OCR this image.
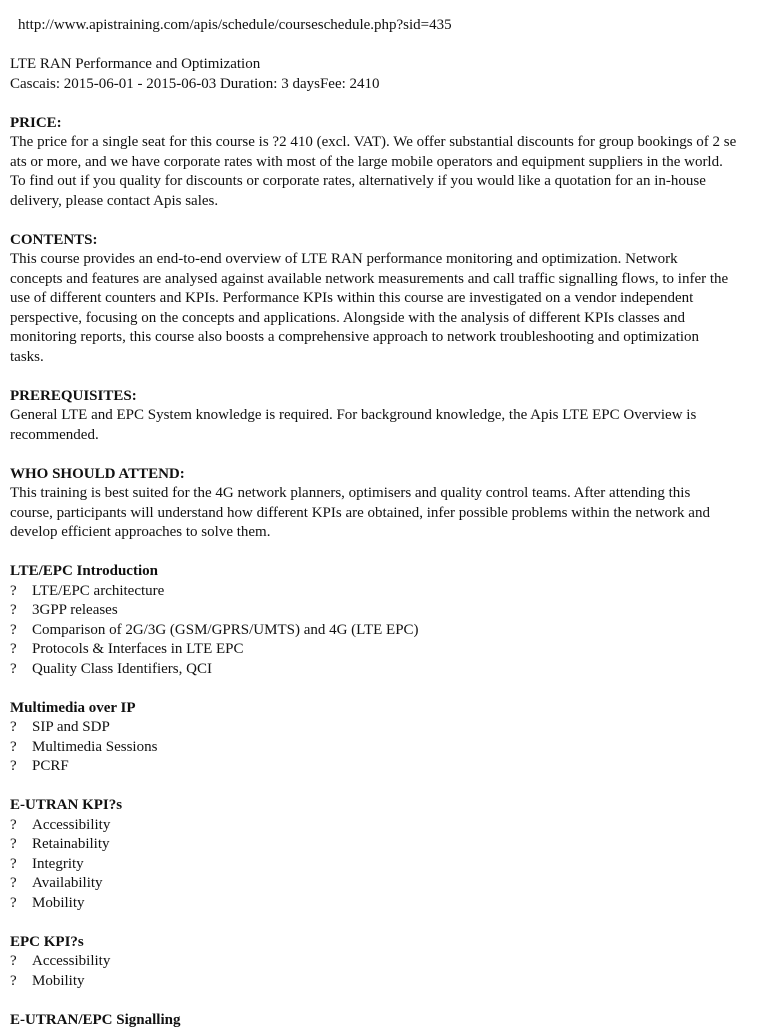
http://www.apistraining.com/apis/schedule/courseschedule.php?sid=435
LTE RAN Performance and Optimization
Cascais: 2015-06-01 - 2015-06-03 Duration: 3 daysFee: 2410
PRICE:
The price for a single seat for this course is ?2 410 (excl. VAT). We offer substantial discounts for group bookings of 2 se
ats or more, and we have corporate rates with most of the large mobile operators and equipment suppliers in the world.
To find out if you quality for discounts or corporate rates, alternatively if you would like a quotation for an in-house
delivery, please contact Apis sales.
CONTENTS:
This course provides an end-to-end overview of LTE RAN performance monitoring and optimization. Network
concepts and features are analysed against available network measurements and call traffic signalling flows, to infer the
use of different counters and KPIs. Performance KPIs within this course are investigated on a vendor independent
perspective, focusing on the concepts and applications. Alongside with the analysis of different KPIs classes and
monitoring reports, this course also boosts a comprehensive approach to network troubleshooting and optimization
tasks.
PREREQUISITES:
General LTE and EPC System knowledge is required. For background knowledge, the Apis LTE EPC Overview is
recommended.
WHO SHOULD ATTEND:
This training is best suited for the 4G network planners, optimisers and quality control teams. After attending this
course, participants will understand how different KPIs are obtained, infer possible problems within the network and
develop efficient approaches to solve them.
LTE/EPC Introduction
?	LTE/EPC architecture
?	3GPP releases
?	Comparison of 2G/3G (GSM/GPRS/UMTS) and 4G (LTE EPC)
?	Protocols & Interfaces in LTE EPC
?	Quality Class Identifiers, QCI
Multimedia over IP
?	SIP and SDP
?	Multimedia Sessions
?	PCRF
E-UTRAN KPI?s
?	Accessibility
?	Retainability
?	Integrity
?	Availability
?	Mobility
EPC KPI?s
?	Accessibility
?	Mobility
E-UTRAN/EPC Signalling
